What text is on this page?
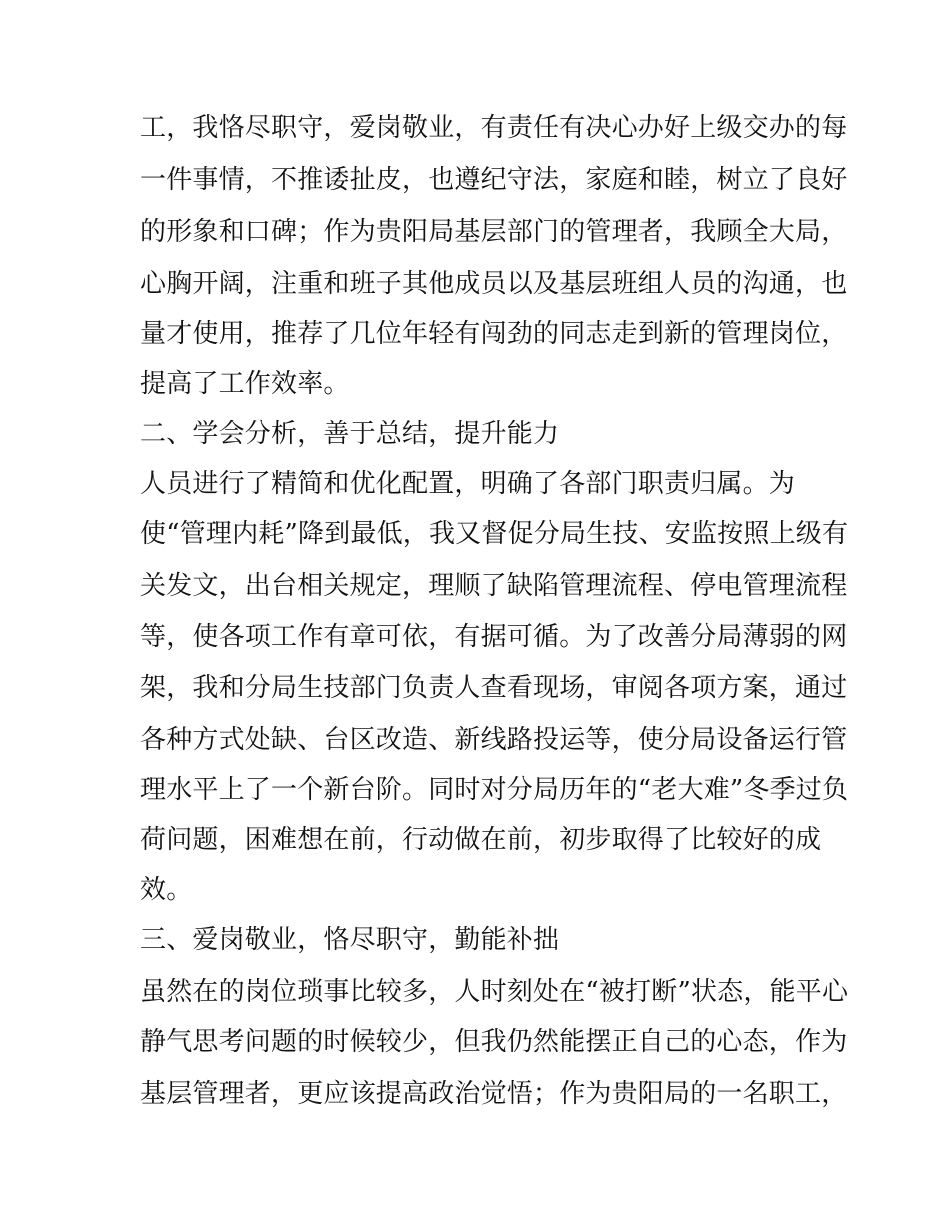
工，我恪尽职守，爱岗敬业，有责任有决心办好上级交办的每
一件事情，不推诿扯皮，也遵纪守法，家庭和睦，树立了良好
的形象和口碑；作为贵阳局基层部门的管理者，我顾全大局，
心胸开阔，注重和班子其他成员以及基层班组人员的沟通，也
量才使用，推荐了几位年轻有闯劲的同志走到新的管理岗位，
提高了工作效率。
二、学会分析，善于总结，提升能力
人员进行了精简和优化配置，明确了各部门职责归属。为
使“管理内耗”降到最低，我又督促分局生技、安监按照上级有
关发文，出台相关规定，理顺了缺陷管理流程、停电管理流程
等，使各项工作有章可依，有据可循。为了改善分局薄弱的网
架，我和分局生技部门负责人查看现场，审阅各项方案，通过
各种方式处缺、台区改造、新线路投运等，使分局设备运行管
理水平上了一个新台阶。同时对分局历年的“老大难”冬季过负
荷问题，困难想在前，行动做在前，初步取得了比较好的成
效。
三、爱岗敬业，恪尽职守，勤能补拙
虽然在的岗位琐事比较多，人时刻处在“被打断”状态，能平心
静气思考问题的时候较少，但我仍然能摆正自己的心态，作为
基层管理者，更应该提高政治觉悟；作为贵阳局的一名职工，
